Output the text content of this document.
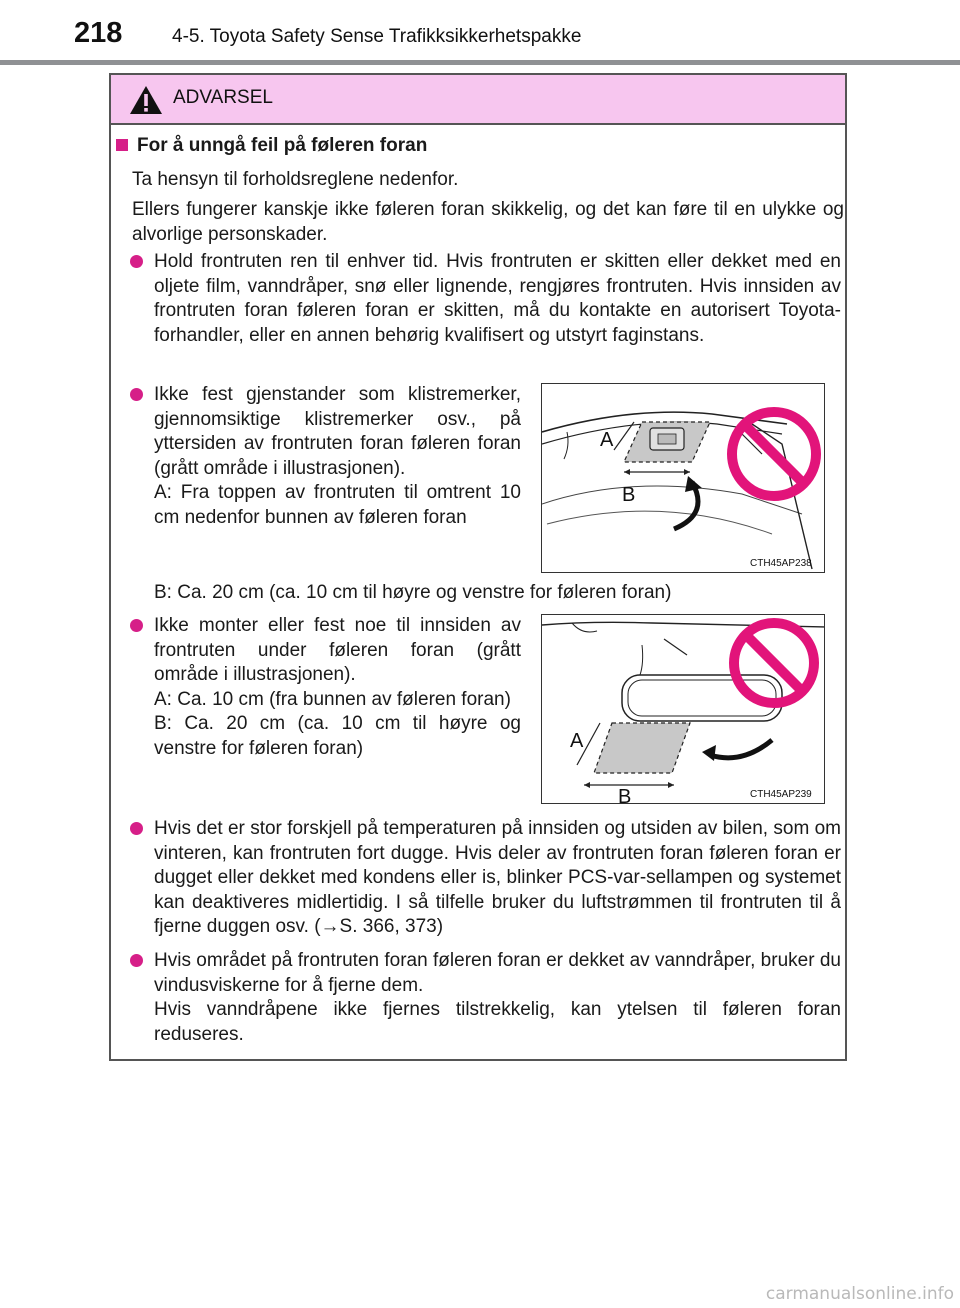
218	4-5. Toyota Safety Sense Trafikksikkerhetspakke
ADVARSEL
For å unngå feil på føleren foran
Ta hensyn til forholdsreglene nedenfor.
Ellers fungerer kanskje ikke føleren foran skikkelig, og det kan føre til en ulykke og alvorlige personskader.
Hold frontruten ren til enhver tid. Hvis frontruten er skitten eller dekket med en oljete film, vanndråper, snø eller lignende, rengjøres frontruten. Hvis innsiden av frontruten foran føleren foran er skitten, må du kontakte en autorisert Toyota-forhandler, eller en annen behørig kvalifisert og utstyrt faginstans.
Ikke fest gjenstander som klistremerker, gjennomsiktige klistremerker osv., på yttersiden av frontruten foran føleren foran (grått område i illustrasjonen).
A: Fra toppen av frontruten til omtrent 10 cm nedenfor bunnen av føleren foran
B: Ca. 20 cm (ca. 10 cm til høyre og venstre for føleren foran)
A
B
CTH45AP238
Ikke monter eller fest noe til innsiden av frontruten under føleren foran (grått område i illustrasjonen).
A: Ca. 10 cm (fra bunnen av føleren foran)
B: Ca. 20 cm (ca. 10 cm til høyre og venstre for føleren foran)	A
B	CTH45AP239
Hvis det er stor forskjell på temperaturen på innsiden og utsiden av bilen, som om vinteren, kan frontruten fort dugge. Hvis deler av frontruten foran føleren foran er dugget eller dekket med kondens eller is, blinker PCS-var-sellampen og systemet kan deaktiveres midlertidig. I så tilfelle bruker du luftstrømmen til frontruten til å fjerne duggen osv. (→S. 366, 373)
Hvis området på frontruten foran føleren foran er dekket av vanndråper, bruker du vindusviskerne for å fjerne dem.
Hvis vanndråpene ikke fjernes tilstrekkelig, kan ytelsen til føleren foran reduseres.
carmanualsonline.info
